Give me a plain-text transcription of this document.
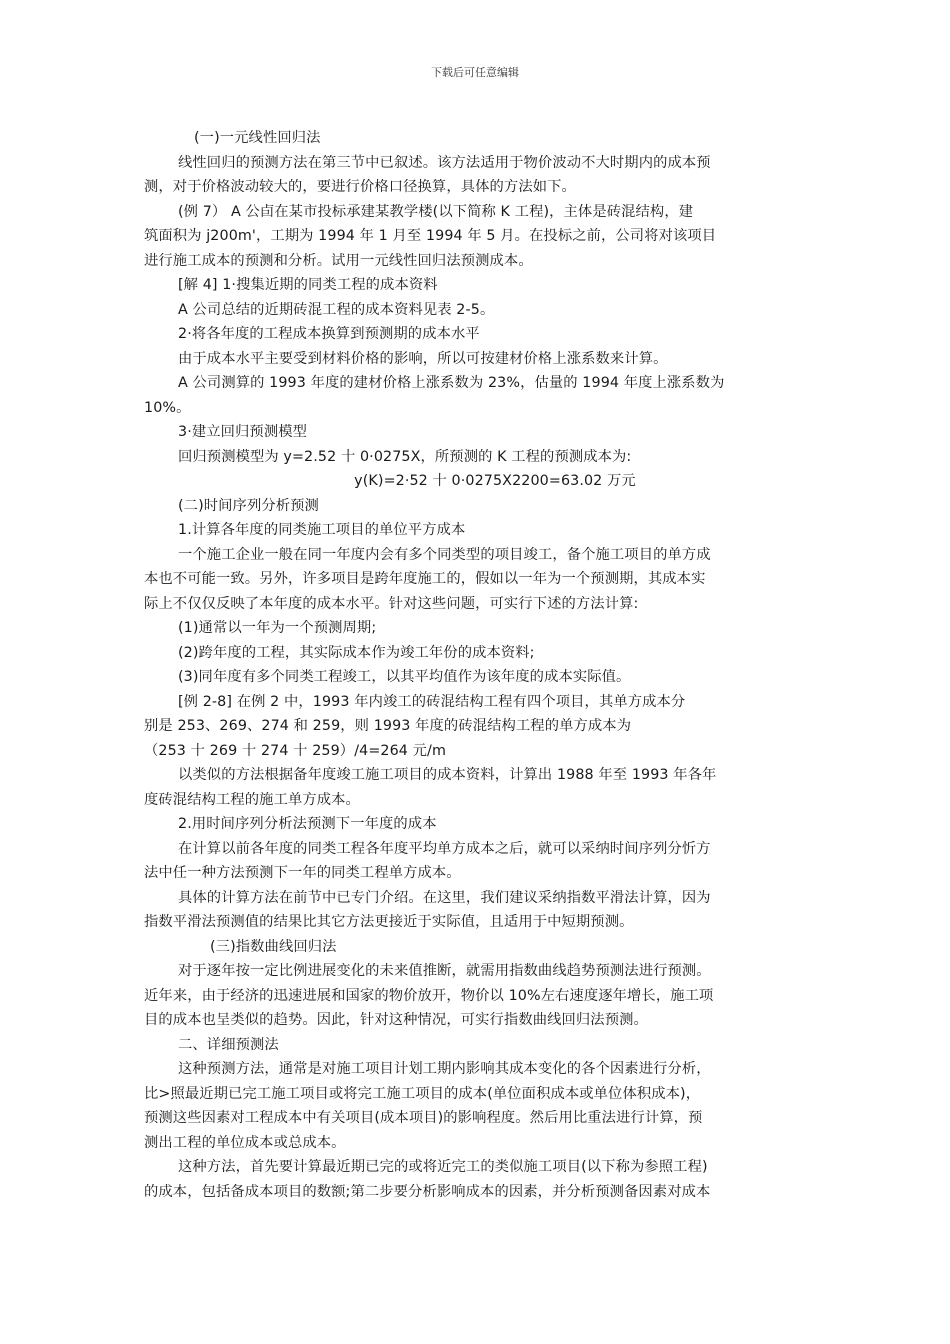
下载后可任意编辑
(一)一元线性回归法
线性回归的预测方法在第三节中已叙述。该方法适用于物价波动不大时期内的成本预
测，对于价格波动较大的，要进行价格口径换算，具体的方法如下。
(例 7） A 公卣在某市投标承建某教学楼(以下简称 K 工程)，主体是砖混结构，建
筑面积为 j200m'，工期为 1994 年 1 月至 1994 年 5 月。在投标之前，公司将对该项目
进行施工成本的预测和分析。试用一元线性回归法预测成本。
[解 4] 1·搜集近期的同类工程的成本资料
A 公司总结的近期砖混工程的成本资料见表 2-5。
2·将各年度的工程成本换算到预测期的成本水平
由于成本水平主要受到材料价格的影响，所以可按建材价格上涨系数来计算。
A 公司测算的 1993 年度的建材价格上涨系数为 23%，估量的 1994 年度上涨系数为
10%。
3·建立回归预测模型
回归预测模型为 y=2.52 十 0·0275X，所预测的 K 工程的预测成本为:
y(K)=2·52 十 0·0275X2200=63.02 万元
(二)时间序列分析预测
1.计算各年度的同类施工项目的单位平方成本
一个施工企业一般在同一年度内会有多个同类型的项目竣工，备个施工项目的单方成
本也不可能一致。另外，许多项目是跨年度施工的，假如以一年为一个预测期，其成本实
际上不仅仅反映了本年度的成本水平。针对这些问题，可实行下述的方法计算:
(1)通常以一年为一个预测周期;
(2)跨年度的工程，其实际成本作为竣工年份的成本资料;
(3)同年度有多个同类工程竣工，以其平均值作为该年度的成本实际值。
[例 2-8] 在例 2 中，1993 年内竣工的砖混结构工程有四个项目，其单方成本分
别是 253、269、274 和 259，则 1993 年度的砖混结构工程的单方成本为
（253 十 269 十 274 十 259）/4=264 元/m
以类似的方法根据备年度竣工施工项目的成本资料，计算出 1988 年至 1993 年各年
度砖混结构工程的施工单方成本。
2.用时间序列分析法预测下一年度的成本
在计算以前各年度的同类工程各年度平均单方成本之后，就可以采纳时间序列分忻方
法中任一种方法预测下一年的同类工程单方成本。
具体的计算方法在前节中已专门介绍。在这里，我们建议采纳指数平滑法计算，因为
指数平滑法预测值的结果比其它方法更接近于实际值，且适用于中短期预测。
(三)指数曲线回归法
对于逐年按一定比例进展变化的未来值推断，就需用指数曲线趋势预测法进行预测。
近年来，由于经济的迅速进展和国家的物价放开，物价以 10%左右速度逐年增长，施工项
目的成本也呈类似的趋势。因此，针对这种情况，可实行指数曲线回归法预测。
二、详细预测法
这种预测方法，通常是对施工项目计划工期内影响其成本变化的各个因素进行分析，
比>照最近期已完工施工项目或将完工施工项目的成本(单位面积成本或单位体积成本)，
预测这些因素对工程成本中有关项目(成本项目)的影响程度。然后用比重法进行计算，预
测出工程的单位成本或总成本。
这种方法，首先要计算最近期已完的或将近完工的类似施工项目(以下称为参照工程)
的成本，包括备成本项目的数额;第二步要分析影响成本的因素，并分析预测备因素对成本
